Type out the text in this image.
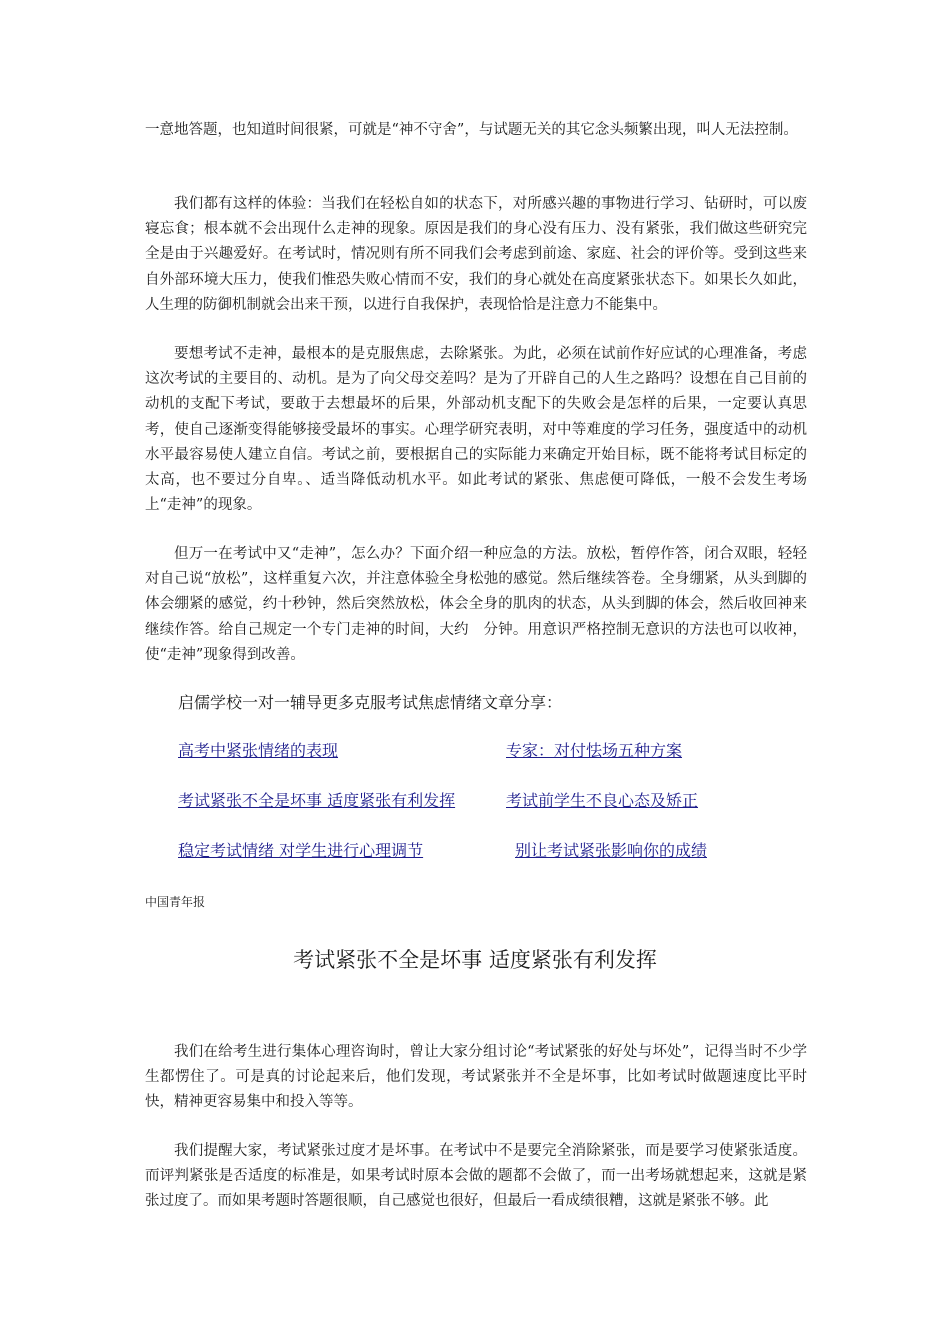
一意地答题，也知道时间很紧，可就是“神不守舍”，与试题无关的其它念头频繁出现，叫人无法控制。

我们都有这样的体验：当我们在轻松自如的状态下，对所感兴趣的事物进行学习、钻研时，可以废寝忘食；根本就不会出现什么走神的现象。原因是我们的身心没有压力、没有紧张，我们做这些研究完全是由于兴趣爱好。在考试时，情况则有所不同我们会考虑到前途、家庭、社会的评价等。受到这些来自外部环境大压力，使我们惟恐失败心情而不安，我们的身心就处在高度紧张状态下。如果长久如此，人生理的防御机制就会出来干预，以进行自我保护，表现恰恰是注意力不能集中。

要想考试不走神，最根本的是克服焦虑，去除紧张。为此，必须在试前作好应试的心理准备，考虑这次考试的主要目的、动机。是为了向父母交差吗？是为了开辟自己的人生之路吗？设想在自己目前的动机的支配下考试，要敢于去想最坏的后果，外部动机支配下的失败会是怎样的后果，一定要认真思考，使自己逐渐变得能够接受最坏的事实。心理学研究表明，对中等难度的学习任务，强度适中的动机水平最容易使人建立自信。考试之前，要根据自己的实际能力来确定开始目标，既不能将考试目标定的太高，也不要过分自卑。、适当降低动机水平。如此考试的紧张、焦虑便可降低，一般不会发生考场上“走神”的现象。

但万一在考试中又“走神”，怎么办？下面介绍一种应急的方法。放松，暂停作答，闭合双眼，轻轻对自己说“放松”，这样重复六次，并注意体验全身松弛的感觉。然后继续答卷。全身绷紧，从头到脚的体会绷紧的感觉，约十秒钟，然后突然放松，体会全身的肌肉的状态，从头到脚的体会，然后收回神来继续作答。给自己规定一个专门走神的时间，大约　分钟。用意识严格控制无意识的方法也可以收神，使“走神”现象得到改善。

启儒学校一对一辅导更多克服考试焦虑情绪文章分享：
高考中紧张情绪的表现	专家：对付怯场五种方案
考试紧张不全是坏事 适度紧张有利发挥	考试前学生不良心态及矫正
稳定考试情绪 对学生进行心理调节	别让考试紧张影响你的成绩
中国青年报
考试紧张不全是坏事 适度紧张有利发挥

我们在给考生进行集体心理咨询时，曾让大家分组讨论“考试紧张的好处与坏处”，记得当时不少学生都愣住了。可是真的讨论起来后，他们发现，考试紧张并不全是坏事，比如考试时做题速度比平时快，精神更容易集中和投入等等。

我们提醒大家，考试紧张过度才是坏事。在考试中不是要完全消除紧张，而是要学习使紧张适度。而评判紧张是否适度的标准是，如果考试时原本会做的题都不会做了，而一出考场就想起来，这就是紧张过度了。而如果考题时答题很顺，自己感觉也很好，但最后一看成绩很糟，这就是紧张不够。此
